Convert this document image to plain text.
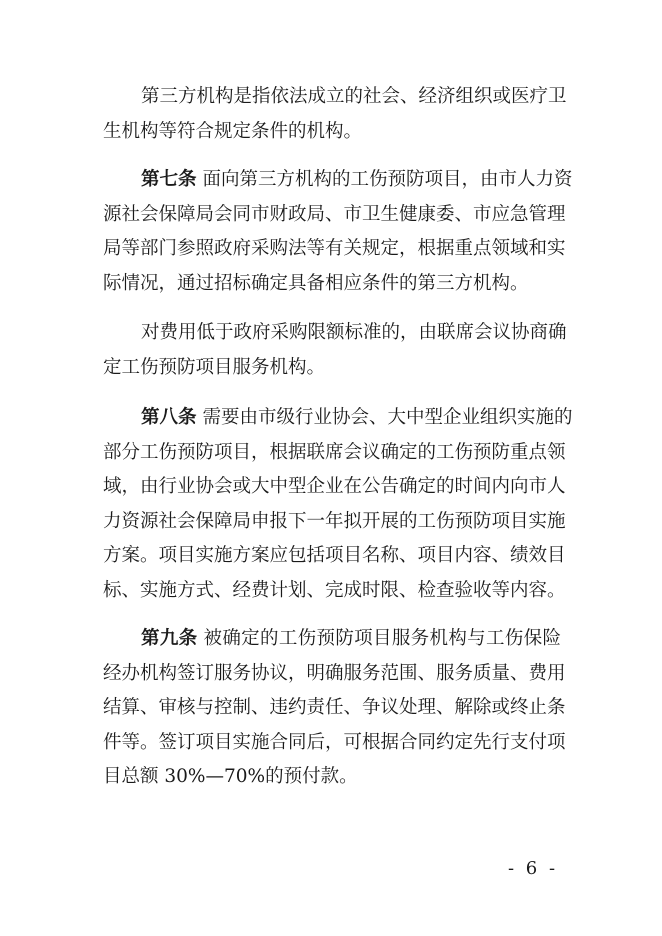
第三方机构是指依法成立的社会、经济组织或医疗卫
生机构等符合规定条件的机构。
第七条 面向第三方机构的工伤预防项目，由市人力资
源社会保障局会同市财政局、市卫生健康委、市应急管理
局等部门参照政府采购法等有关规定，根据重点领域和实
际情况，通过招标确定具备相应条件的第三方机构。
对费用低于政府采购限额标准的，由联席会议协商确
定工伤预防项目服务机构。
第八条 需要由市级行业协会、大中型企业组织实施的
部分工伤预防项目，根据联席会议确定的工伤预防重点领
域，由行业协会或大中型企业在公告确定的时间内向市人
力资源社会保障局申报下一年拟开展的工伤预防项目实施
方案。项目实施方案应包括项目名称、项目内容、绩效目
标、实施方式、经费计划、完成时限、检查验收等内容。
第九条 被确定的工伤预防项目服务机构与工伤保险
经办机构签订服务协议，明确服务范围、服务质量、费用
结算、审核与控制、违约责任、争议处理、解除或终止条
件等。签订项目实施合同后，可根据合同约定先行支付项
目总额 30%—70%的预付款。
- 6 -
